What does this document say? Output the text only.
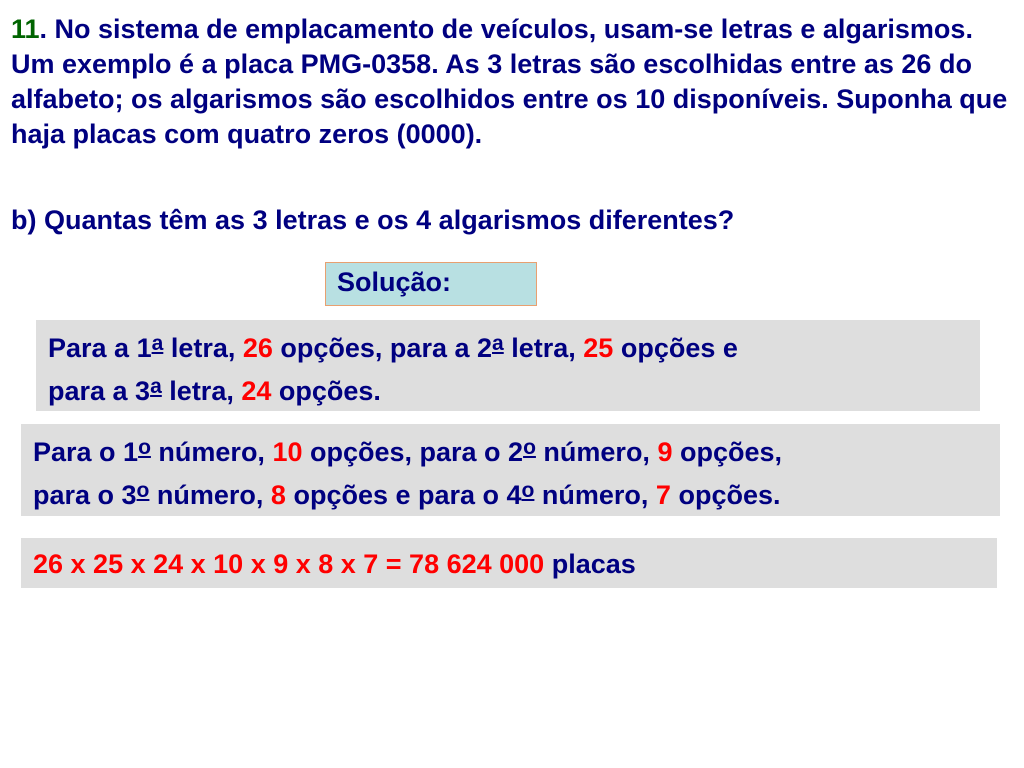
11. No sistema de emplacamento de veículos, usam-se letras e algarismos. Um exemplo é a placa PMG-0358. As 3 letras são escolhidas entre as 26 do alfabeto; os algarismos são escolhidos entre os 10 disponíveis. Suponha que haja placas com quatro zeros (0000).

b) Quantas têm as 3 letras e os 4 algarismos diferentes?

Solução:
Para a 1$^a$ letra, 26 opções, para a 2$^a$ letra, 25 opções e
para a 3$^a$ letra, 24 opções.
Para o 1$^o$ número, 10 opções, para o 2$^o$ número, 9 opções,
para o 3$^o$ número, 8 opções e para o 4$^o$ número, 7 opções.
26 x 25 x 24 x 10 x 9 x 8 x 7 = 78 624 000 placas
